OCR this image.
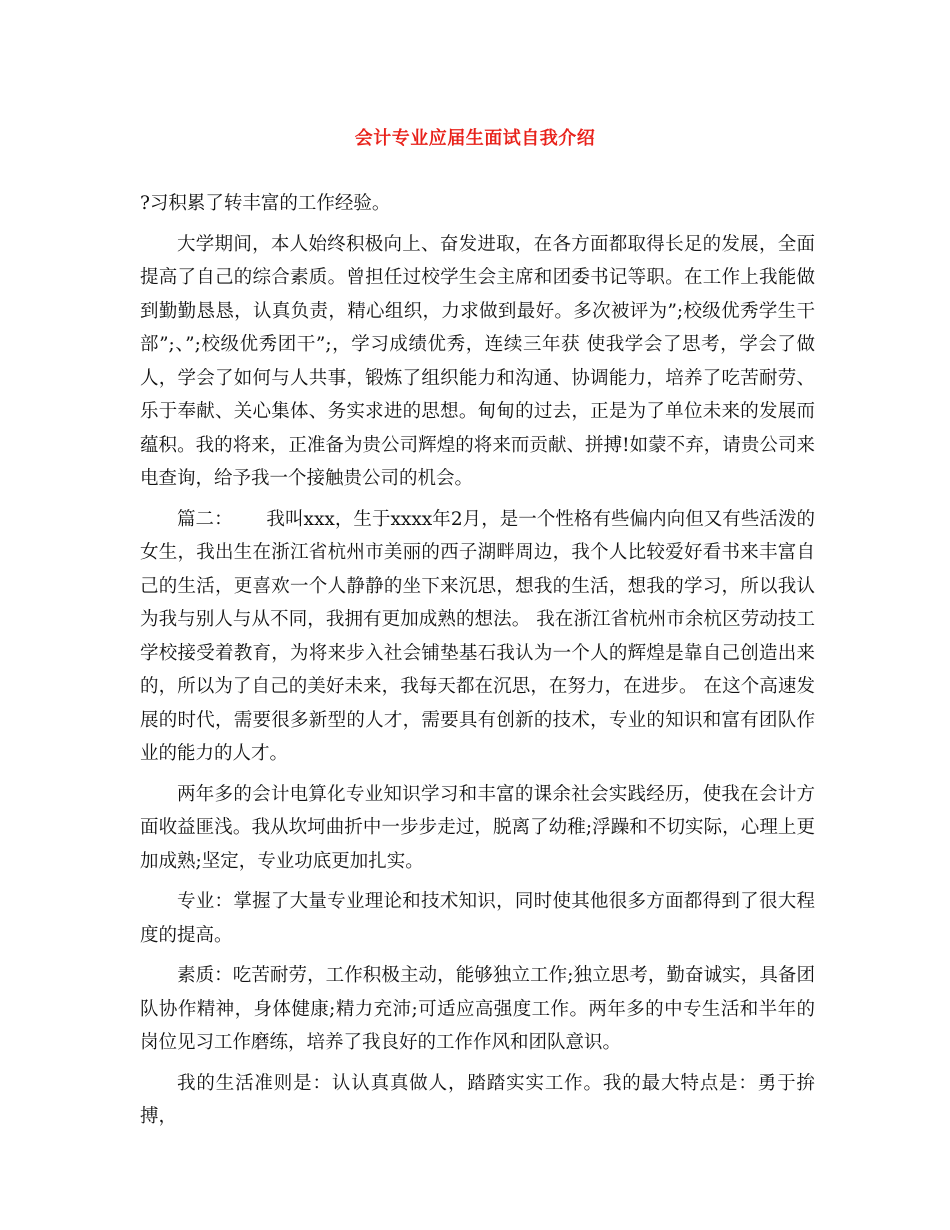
会计专业应届生面试自我介绍

?习积累了转丰富的工作经验。

大学期间，本人始终积极向上、奋发进取，在各方面都取得长足的发展，全面提高了自己的综合素质。曾担任过校学生会主席和团委书记等职。在工作上我能做到勤勤恳恳，认真负责，精心组织，力求做到最好。多次被评为”;校级优秀学生干部”;、”;校级优秀团干”;，学习成绩优秀，连续三年获 使我学会了思考，学会了做人，学会了如何与人共事，锻炼了组织能力和沟通、协调能力，培养了吃苦耐劳、乐于奉献、关心集体、务实求进的思想。甸甸的过去，正是为了单位未来的发展而蕴积。我的将来，正准备为贵公司辉煌的将来而贡献、拼搏!如蒙不弃，请贵公司来电查询，给予我一个接触贵公司的机会。

篇二：　　 我叫xxx，生于xxxx年2月，是一个性格有些偏内向但又有些活泼的女生，我出生在浙江省杭州市美丽的西子湖畔周边，我个人比较爱好看书来丰富自己的生活，更喜欢一个人静静的坐下来沉思，想我的生活，想我的学习，所以我认为我与别人与从不同，我拥有更加成熟的想法。 我在浙江省杭州市余杭区劳动技工学校接受着教育，为将来步入社会铺垫基石我认为一个人的辉煌是靠自己创造出来的，所以为了自己的美好未来，我每天都在沉思，在努力，在进步。 在这个高速发展的时代，需要很多新型的人才，需要具有创新的技术，专业的知识和富有团队作业的能力的人才。

两年多的会计电算化专业知识学习和丰富的课余社会实践经历，使我在会计方面收益匪浅。我从坎坷曲折中一步步走过，脱离了幼稚;浮躁和不切实际，心理上更加成熟;坚定，专业功底更加扎实。

专业：掌握了大量专业理论和技术知识，同时使其他很多方面都得到了很大程度的提高。

素质：吃苦耐劳，工作积极主动，能够独立工作;独立思考，勤奋诚实，具备团队协作精神，身体健康;精力充沛;可适应高强度工作。两年多的中专生活和半年的岗位见习工作磨练，培养了我良好的工作作风和团队意识。

我的生活准则是：认认真真做人，踏踏实实工作。我的最大特点是：勇于拚搏，
